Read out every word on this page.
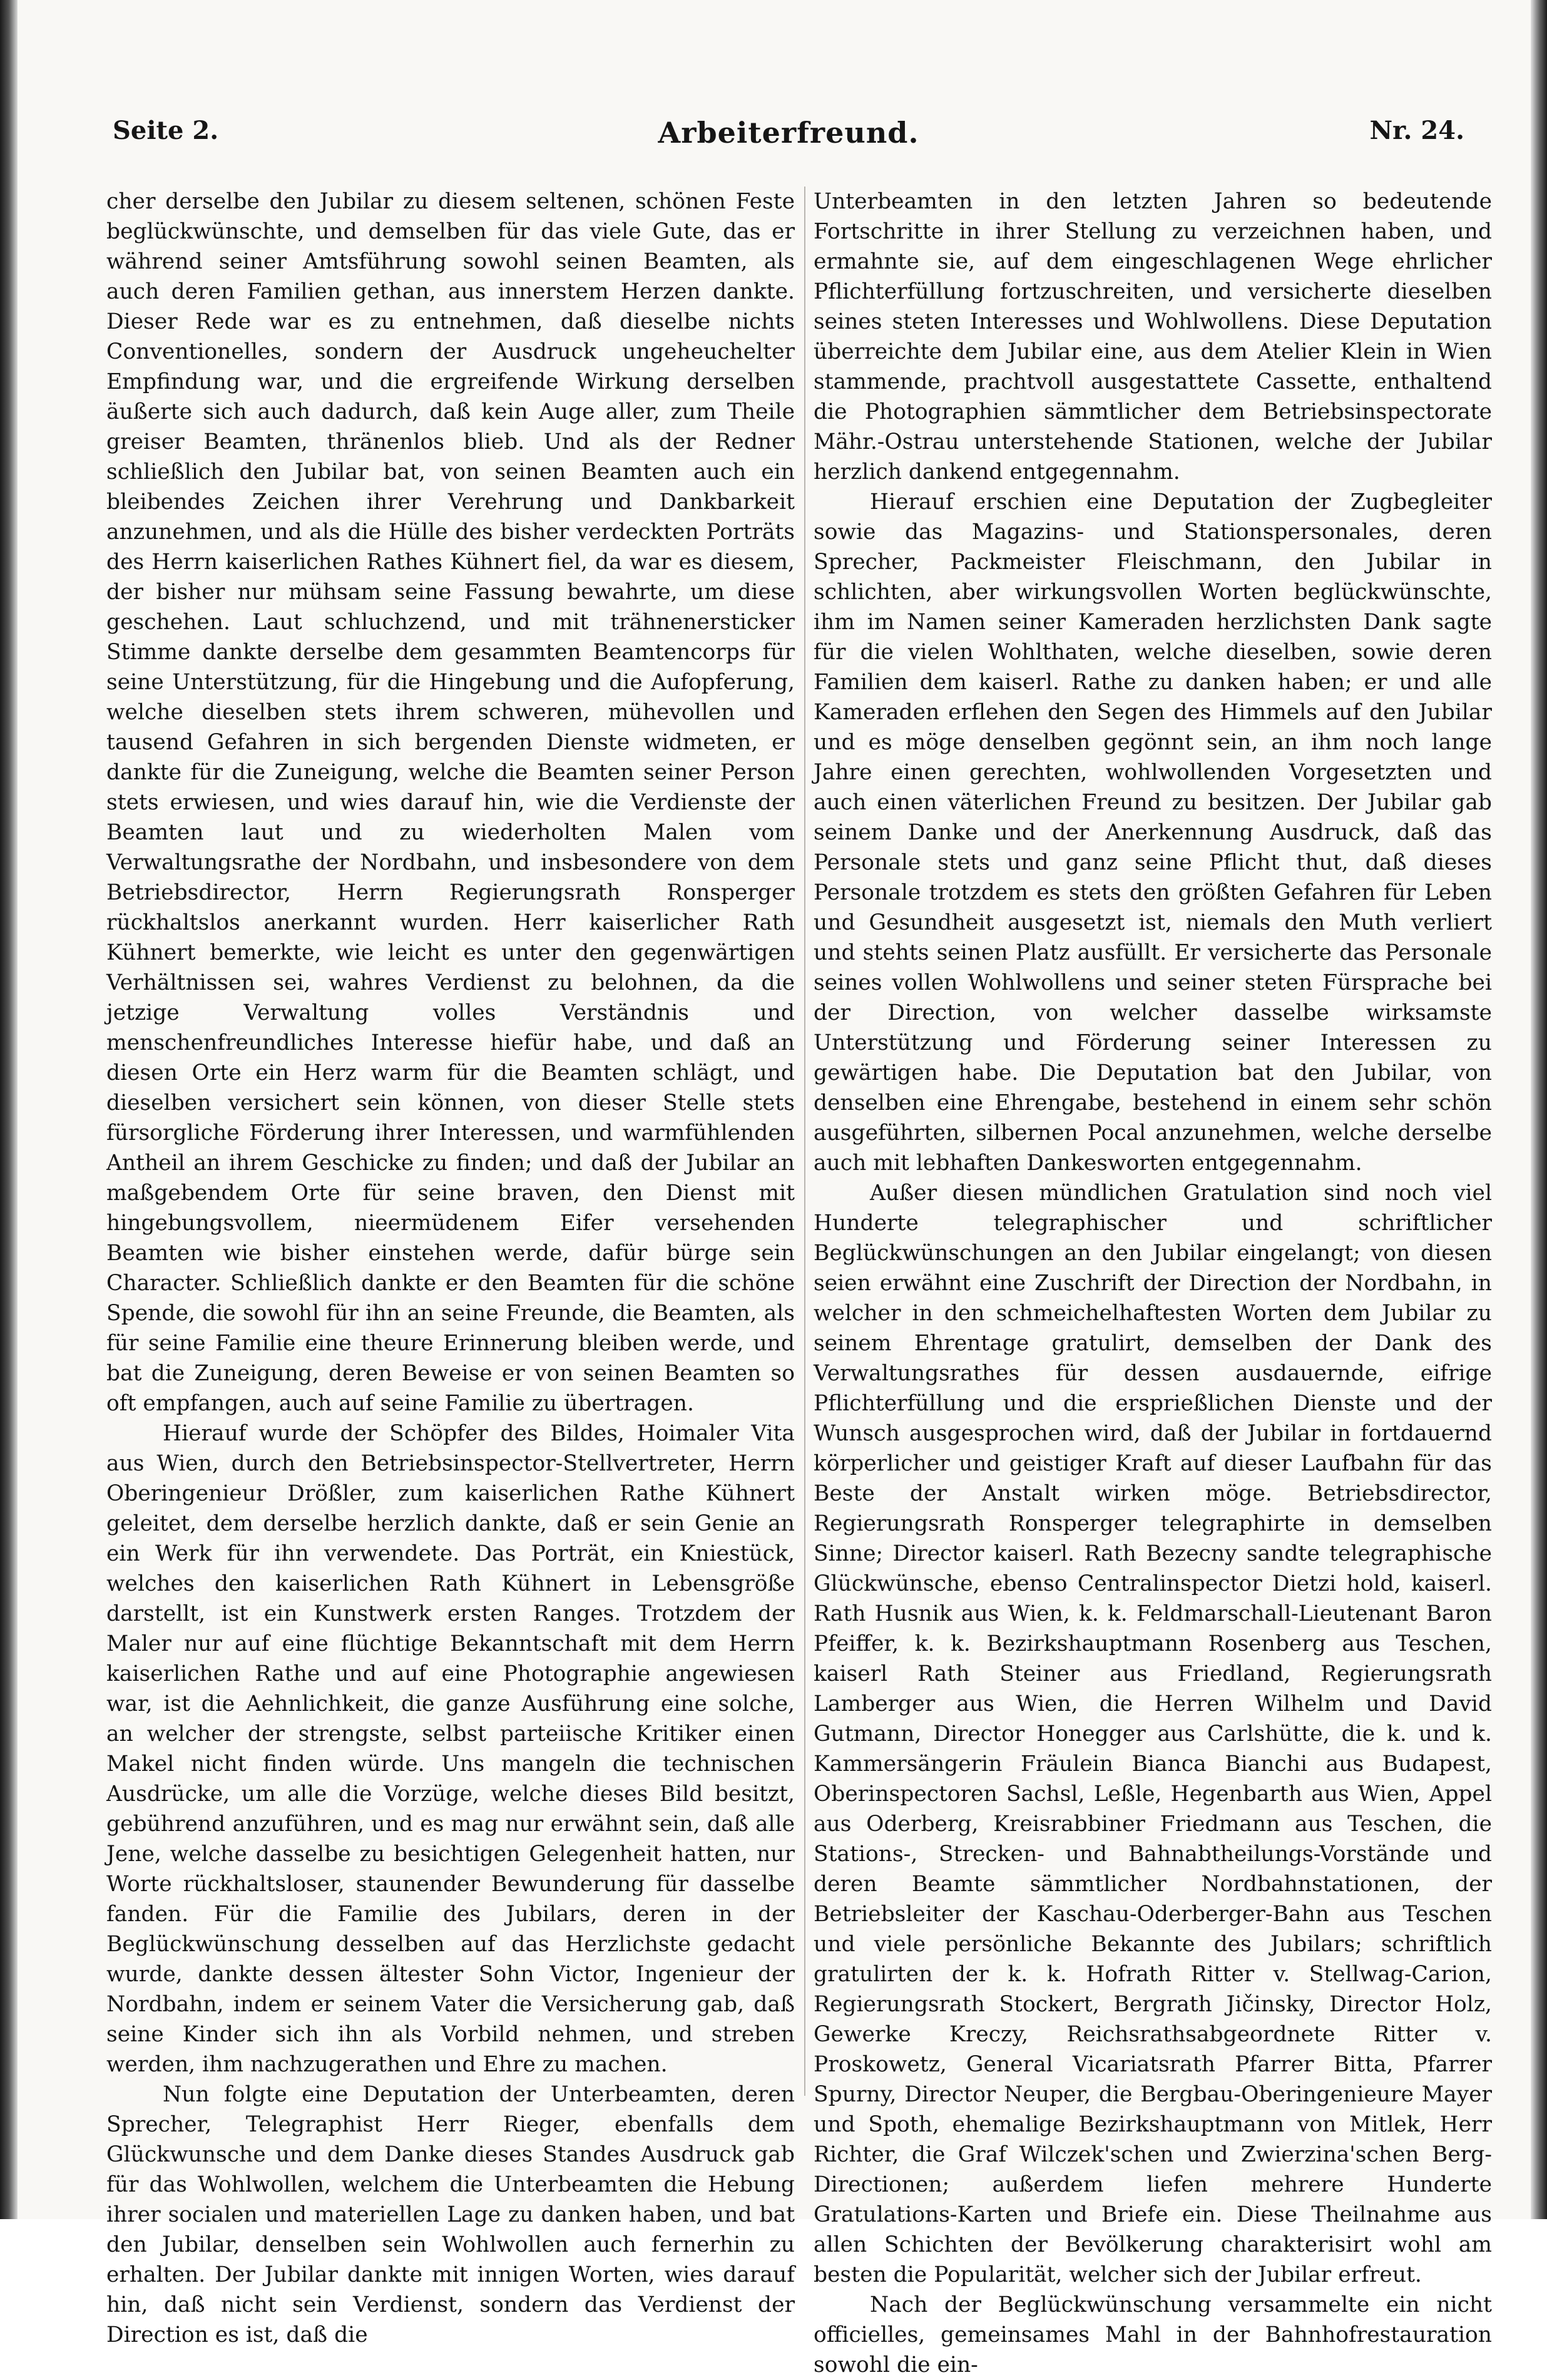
Seite 2.	Arbeiterfreund.	Nr. 24.

cher derselbe den Jubilar zu diesem seltenen, schönen Feste beglückwünschte, und demselben für das viele Gute, das er während seiner Amtsführung sowohl seinen Beamten, als auch deren Familien gethan, aus innerstem Herzen dankte. Dieser Rede war es zu entnehmen, daß dieselbe nichts Conventionelles, sondern der Ausdruck ungeheuchelter Empfindung war, und die ergreifende Wirkung derselben äußerte sich auch dadurch, daß kein Auge aller, zum Theile greiser Beamten, thränenlos blieb. Und als der Redner schließlich den Jubilar bat, von seinen Beamten auch ein bleibendes Zeichen ihrer Verehrung und Dankbarkeit anzunehmen, und als die Hülle des bisher verdeckten Porträts des Herrn kaiserlichen Rathes Kühnert fiel, da war es diesem, der bisher nur mühsam seine Fassung bewahrte, um diese geschehen. Laut schluchzend, und mit trähnenersticker Stimme dankte derselbe dem gesammten Beamtencorps für seine Unterstützung, für die Hingebung und die Aufopferung, welche dieselben stets ihrem schweren, mühevollen und tausend Gefahren in sich bergenden Dienste widmeten, er dankte für die Zuneigung, welche die Beamten seiner Person stets erwiesen, und wies darauf hin, wie die Verdienste der Beamten laut und zu wiederholten Malen vom Verwaltungsrathe der Nordbahn, und insbesondere von dem Betriebsdirector, Herrn Regierungsrath Ronsperger rückhaltslos anerkannt wurden. Herr kaiserlicher Rath Kühnert bemerkte, wie leicht es unter den gegenwärtigen Verhältnissen sei, wahres Verdienst zu belohnen, da die jetzige Verwaltung volles Verständnis und menschenfreundliches Interesse hiefür habe, und daß an diesen Orte ein Herz warm für die Beamten schlägt, und dieselben versichert sein können, von dieser Stelle stets fürsorgliche Förderung ihrer Interessen, und warmfühlenden Antheil an ihrem Geschicke zu finden; und daß der Jubilar an maßgebendem Orte für seine braven, den Dienst mit hingebungsvollem, nieermüdenem Eifer versehenden Beamten wie bisher einstehen werde, dafür bürge sein Character. Schließlich dankte er den Beamten für die schöne Spende, die sowohl für ihn an seine Freunde, die Beamten, als für seine Familie eine theure Erinnerung bleiben werde, und bat die Zuneigung, deren Beweise er von seinen Beamten so oft empfangen, auch auf seine Familie zu übertragen.

Hierauf wurde der Schöpfer des Bildes, Hoimaler Vita aus Wien, durch den Betriebsinspector-Stellvertreter, Herrn Oberingenieur Drößler, zum kaiserlichen Rathe Kühnert geleitet, dem derselbe herzlich dankte, daß er sein Genie an ein Werk für ihn verwendete. Das Porträt, ein Kniestück, welches den kaiserlichen Rath Kühnert in Lebensgröße darstellt, ist ein Kunstwerk ersten Ranges. Trotzdem der Maler nur auf eine flüchtige Bekanntschaft mit dem Herrn kaiserlichen Rathe und auf eine Photographie angewiesen war, ist die Aehnlichkeit, die ganze Ausführung eine solche, an welcher der strengste, selbst parteiische Kritiker einen Makel nicht finden würde. Uns mangeln die technischen Ausdrücke, um alle die Vorzüge, welche dieses Bild besitzt, gebührend anzuführen, und es mag nur erwähnt sein, daß alle Jene, welche dasselbe zu besichtigen Gelegenheit hatten, nur Worte rückhaltsloser, staunender Bewunderung für dasselbe fanden. Für die Familie des Jubilars, deren in der Beglückwünschung desselben auf das Herzlichste gedacht wurde, dankte dessen ältester Sohn Victor, Ingenieur der Nordbahn, indem er seinem Vater die Versicherung gab, daß seine Kinder sich ihn als Vorbild nehmen, und streben werden, ihm nachzugerathen und Ehre zu machen.

Nun folgte eine Deputation der Unterbeamten, deren Sprecher, Telegraphist Herr Rieger, ebenfalls dem Glückwunsche und dem Danke dieses Standes Ausdruck gab für das Wohlwollen, welchem die Unterbeamten die Hebung ihrer socialen und materiellen Lage zu danken haben, und bat den Jubilar, denselben sein Wohlwollen auch fernerhin zu erhalten. Der Jubilar dankte mit innigen Worten, wies darauf hin, daß nicht sein Verdienst, sondern das Verdienst der Direction es ist, daß die

Unterbeamten in den letzten Jahren so bedeutende Fortschritte in ihrer Stellung zu verzeichnen haben, und ermahnte sie, auf dem eingeschlagenen Wege ehrlicher Pflichterfüllung fortzuschreiten, und versicherte dieselben seines steten Interesses und Wohlwollens. Diese Deputation überreichte dem Jubilar eine, aus dem Atelier Klein in Wien stammende, prachtvoll ausgestattete Cassette, enthaltend die Photographien sämmtlicher dem Betriebsinspectorate Mähr.-Ostrau unterstehende Stationen, welche der Jubilar herzlich dankend entgegennahm.

Hierauf erschien eine Deputation der Zugbegleiter sowie das Magazins- und Stationspersonales, deren Sprecher, Packmeister Fleischmann, den Jubilar in schlichten, aber wirkungsvollen Worten beglückwünschte, ihm im Namen seiner Kameraden herzlichsten Dank sagte für die vielen Wohlthaten, welche dieselben, sowie deren Familien dem kaiserl. Rathe zu danken haben; er und alle Kameraden erflehen den Segen des Himmels auf den Jubilar und es möge denselben gegönnt sein, an ihm noch lange Jahre einen gerechten, wohlwollenden Vorgesetzten und auch einen väterlichen Freund zu besitzen. Der Jubilar gab seinem Danke und der Anerkennung Ausdruck, daß das Personale stets und ganz seine Pflicht thut, daß dieses Personale trotzdem es stets den größten Gefahren für Leben und Gesundheit ausgesetzt ist, niemals den Muth verliert und stehts seinen Platz ausfüllt. Er versicherte das Personale seines vollen Wohlwollens und seiner steten Fürsprache bei der Direction, von welcher dasselbe wirksamste Unterstützung und Förderung seiner Interessen zu gewärtigen habe. Die Deputation bat den Jubilar, von denselben eine Ehrengabe, bestehend in einem sehr schön ausgeführten, silbernen Pocal anzunehmen, welche derselbe auch mit lebhaften Dankesworten entgegennahm.

Außer diesen mündlichen Gratulation sind noch viel Hunderte telegraphischer und schriftlicher Beglückwünschungen an den Jubilar eingelangt; von diesen seien erwähnt eine Zuschrift der Direction der Nordbahn, in welcher in den schmeichelhaftesten Worten dem Jubilar zu seinem Ehrentage gratulirt, demselben der Dank des Verwaltungsrathes für dessen ausdauernde, eifrige Pflichterfüllung und die ersprießlichen Dienste und der Wunsch ausgesprochen wird, daß der Jubilar in fortdauernd körperlicher und geistiger Kraft auf dieser Laufbahn für das Beste der Anstalt wirken möge. Betriebsdirector, Regierungsrath Ronsperger telegraphirte in demselben Sinne; Director kaiserl. Rath Bezecny sandte telegraphische Glückwünsche, ebenso Centralinspector Dietzi hold, kaiserl. Rath Husnik aus Wien, k. k. Feldmarschall-Lieutenant Baron Pfeiffer, k. k. Bezirkshauptmann Rosenberg aus Teschen, kaiserl Rath Steiner aus Friedland, Regierungsrath Lamberger aus Wien, die Herren Wilhelm und David Gutmann, Director Honegger aus Carlshütte, die k. und k. Kammersängerin Fräulein Bianca Bianchi aus Budapest, Oberinspectoren Sachsl, Leßle, Hegenbarth aus Wien, Appel aus Oderberg, Kreisrabbiner Friedmann aus Teschen, die Stations-, Strecken- und Bahnabtheilungs-Vorstände und deren Beamte sämmtlicher Nordbahnstationen, der Betriebsleiter der Kaschau-Oderberger-Bahn aus Teschen und viele persönliche Bekannte des Jubilars; schriftlich gratulirten der k. k. Hofrath Ritter v. Stellwag-Carion, Regierungsrath Stockert, Bergrath Jičinsky, Director Holz, Gewerke Kreczy, Reichsrathsabgeordnete Ritter v. Proskowetz, General Vicariatsrath Pfarrer Bitta, Pfarrer Spurny, Director Neuper, die Bergbau-Oberingenieure Mayer und Spoth, ehemalige Bezirkshauptmann von Mitlek, Herr Richter, die Graf Wilczek'schen und Zwierzina'schen Berg-Directionen; außerdem liefen mehrere Hunderte Gratulations-Karten und Briefe ein. Diese Theilnahme aus allen Schichten der Bevölkerung charakterisirt wohl am besten die Popularität, welcher sich der Jubilar erfreut.

Nach der Beglückwünschung versammelte ein nicht officielles, gemeinsames Mahl in der Bahnhofrestauration sowohl die ein-
